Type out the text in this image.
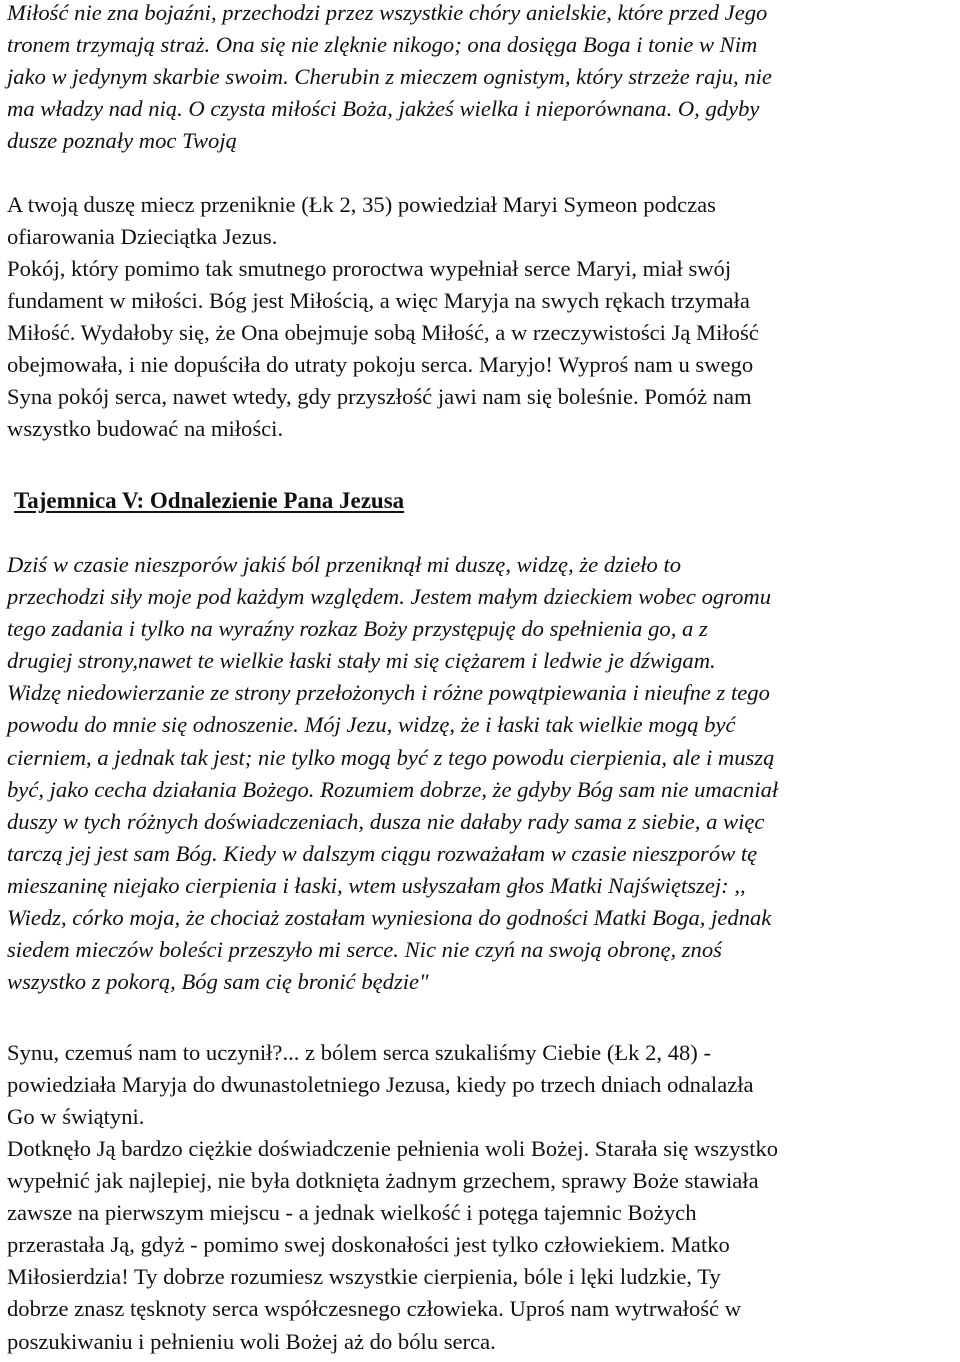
Miłość nie zna bojaźni, przechodzi przez wszystkie chóry anielskie, które przed Jego
tronem trzymają straż. Ona się nie zlęknie nikogo; ona dosięga Boga i tonie w Nim
jako w jedynym skarbie swoim. Cherubin z mieczem ognistym, który strzeże raju, nie
ma władzy nad nią. O czysta miłości Boża, jakżeś wielka i nieporównana. O, gdyby
dusze poznały moc Twoją
A twoją duszę miecz przeniknie (Łk 2, 35) powiedział Maryi Symeon podczas
ofiarowania Dzieciątka Jezus.
Pokój, który pomimo tak smutnego proroctwa wypełniał serce Maryi, miał swój
fundament w miłości. Bóg jest Miłością, a więc Maryja na swych rękach trzymała
Miłość. Wydałoby się, że Ona obejmuje sobą Miłość, a w rzeczywistości Ją Miłość
obejmowała, i nie dopuściła do utraty pokoju serca. Maryjo! Wyproś nam u swego
Syna pokój serca, nawet wtedy, gdy przyszłość jawi nam się boleśnie. Pomóż nam
wszystko budować na miłości.
Tajemnica V: Odnalezienie Pana Jezusa
Dziś w czasie nieszporów jakiś ból przeniknął mi duszę, widzę, że dzieło to
przechodzi siły moje pod każdym względem. Jestem małym dzieckiem wobec ogromu
tego zadania i tylko na wyraźny rozkaz Boży przystępuję do spełnienia go, a z
drugiej strony,nawet te wielkie łaski stały mi się ciężarem i ledwie je dźwigam.
Widzę niedowierzanie ze strony przełożonych i różne powątpiewania i nieufne z tego
powodu do mnie się odnoszenie. Mój Jezu, widzę, że i łaski tak wielkie mogą być
cierniem, a jednak tak jest; nie tylko mogą być z tego powodu cierpienia, ale i muszą
być, jako cecha działania Bożego. Rozumiem dobrze, że gdyby Bóg sam nie umacniał
duszy w tych różnych doświadczeniach, dusza nie dałaby rady sama z siebie, a więc
tarczą jej jest sam Bóg. Kiedy w dalszym ciągu rozważałam w czasie nieszporów tę
mieszaninę niejako cierpienia i łaski, wtem usłyszałam głos Matki Najświętszej: ,,
Wiedz, córko moja, że chociaż zostałam wyniesiona do godności Matki Boga, jednak
siedem mieczów boleści przeszyło mi serce. Nic nie czyń na swoją obronę, znoś
wszystko z pokorą, Bóg sam cię bronić będzie"
Synu, czemuś nam to uczynił?... z bólem serca szukaliśmy Ciebie (Łk 2, 48) -
powiedziała Maryja do dwunastoletniego Jezusa, kiedy po trzech dniach odnalazła
Go w świątyni.
Dotknęło Ją bardzo ciężkie doświadczenie pełnienia woli Bożej. Starała się wszystko
wypełnić jak najlepiej, nie była dotknięta żadnym grzechem, sprawy Boże stawiała
zawsze na pierwszym miejscu - a jednak wielkość i potęga tajemnic Bożych
przerastała Ją, gdyż - pomimo swej doskonałości jest tylko człowiekiem. Matko
Miłosierdzia! Ty dobrze rozumiesz wszystkie cierpienia, bóle i lęki ludzkie, Ty
dobrze znasz tęsknoty serca współczesnego człowieka. Uproś nam wytrwałość w
poszukiwaniu i pełnieniu woli Bożej aż do bólu serca.
